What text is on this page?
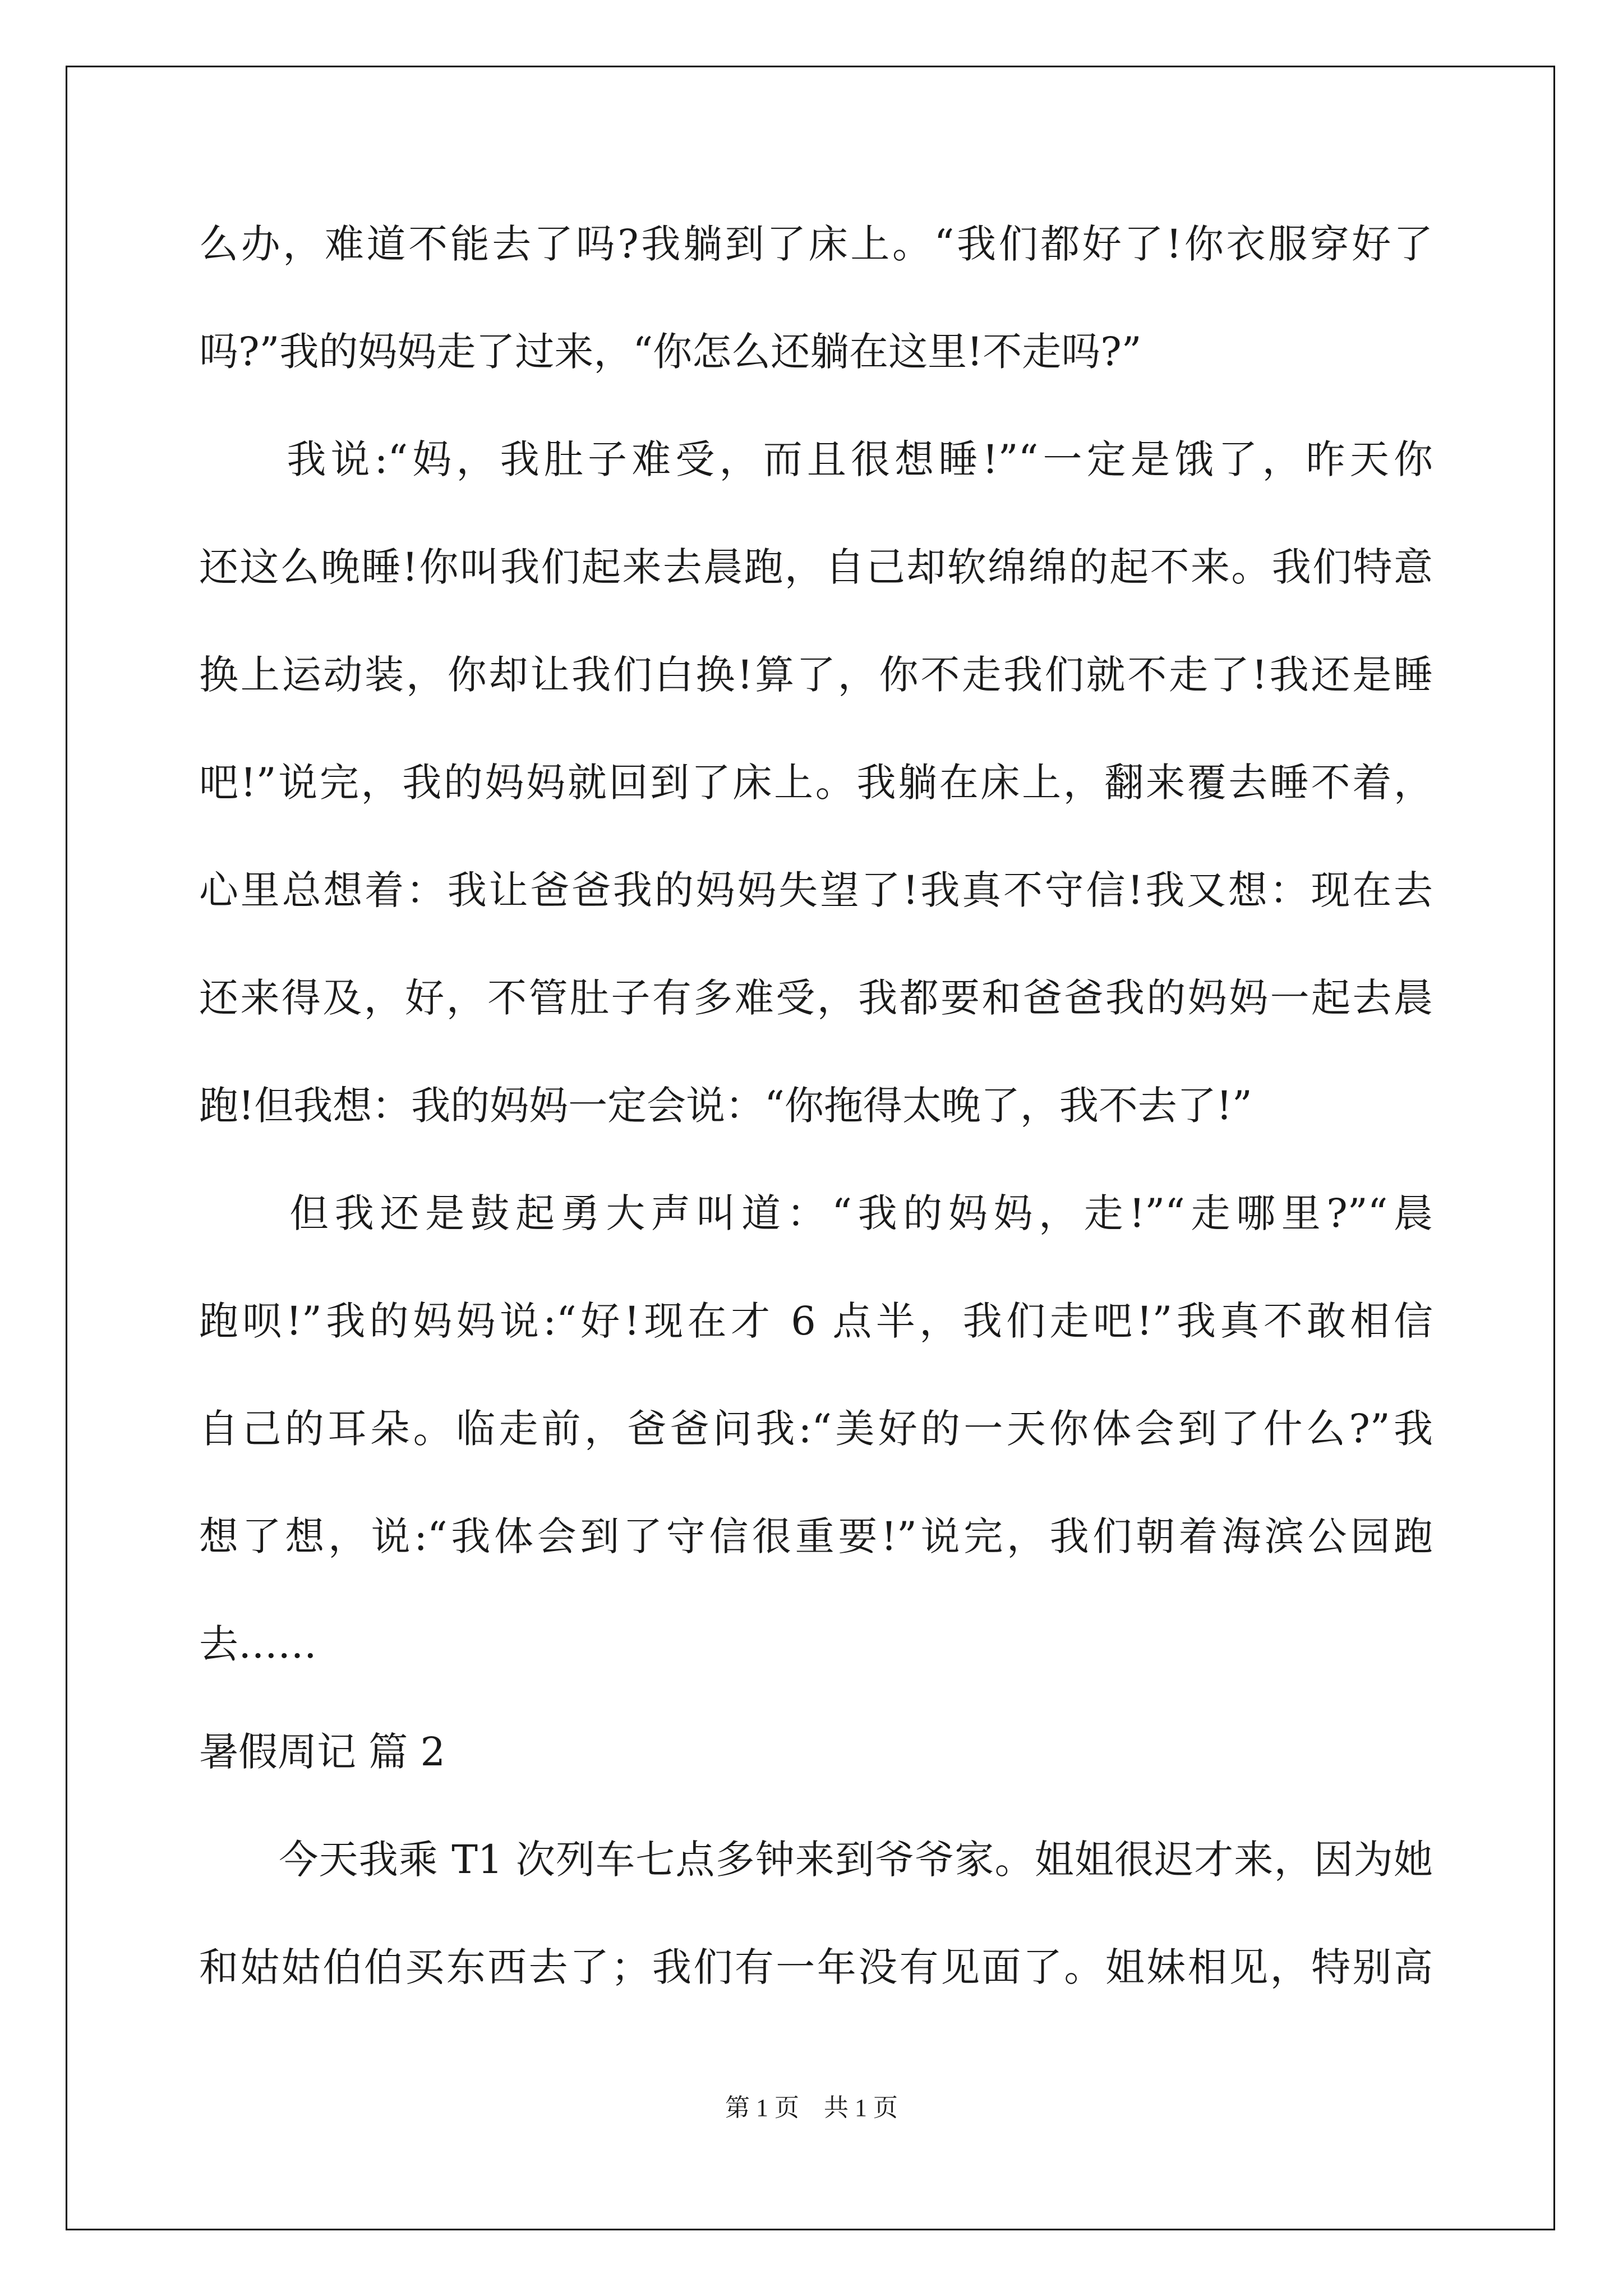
么办，难道不能去了吗?我躺到了床上。“我们都好了!你衣服穿好了
吗?”我的妈妈走了过来，“你怎么还躺在这里!不走吗?”
　　我说:“妈，我肚子难受，而且很想睡!”“一定是饿了，昨天你
还这么晚睡!你叫我们起来去晨跑，自己却软绵绵的起不来。我们特意
换上运动装，你却让我们白换!算了，你不走我们就不走了!我还是睡
吧!”说完，我的妈妈就回到了床上。我躺在床上，翻来覆去睡不着，
心里总想着：我让爸爸我的妈妈失望了!我真不守信!我又想：现在去
还来得及，好，不管肚子有多难受，我都要和爸爸我的妈妈一起去晨
跑!但我想：我的妈妈一定会说：“你拖得太晚了，我不去了!”
　　但我还是鼓起勇大声叫道：“我的妈妈，走!”“走哪里?”“晨
跑呗!”我的妈妈说:“好!现在才 6 点半，我们走吧!”我真不敢相信
自己的耳朵。临走前，爸爸问我:“美好的一天你体会到了什么?”我
想了想，说:“我体会到了守信很重要!”说完，我们朝着海滨公园跑
去……
暑假周记 篇 2
　　今天我乘 T1 次列车七点多钟来到爷爷家。姐姐很迟才来，因为她
和姑姑伯伯买东西去了；我们有一年没有见面了。姐妹相见，特别高
第 1 页　共 1 页
